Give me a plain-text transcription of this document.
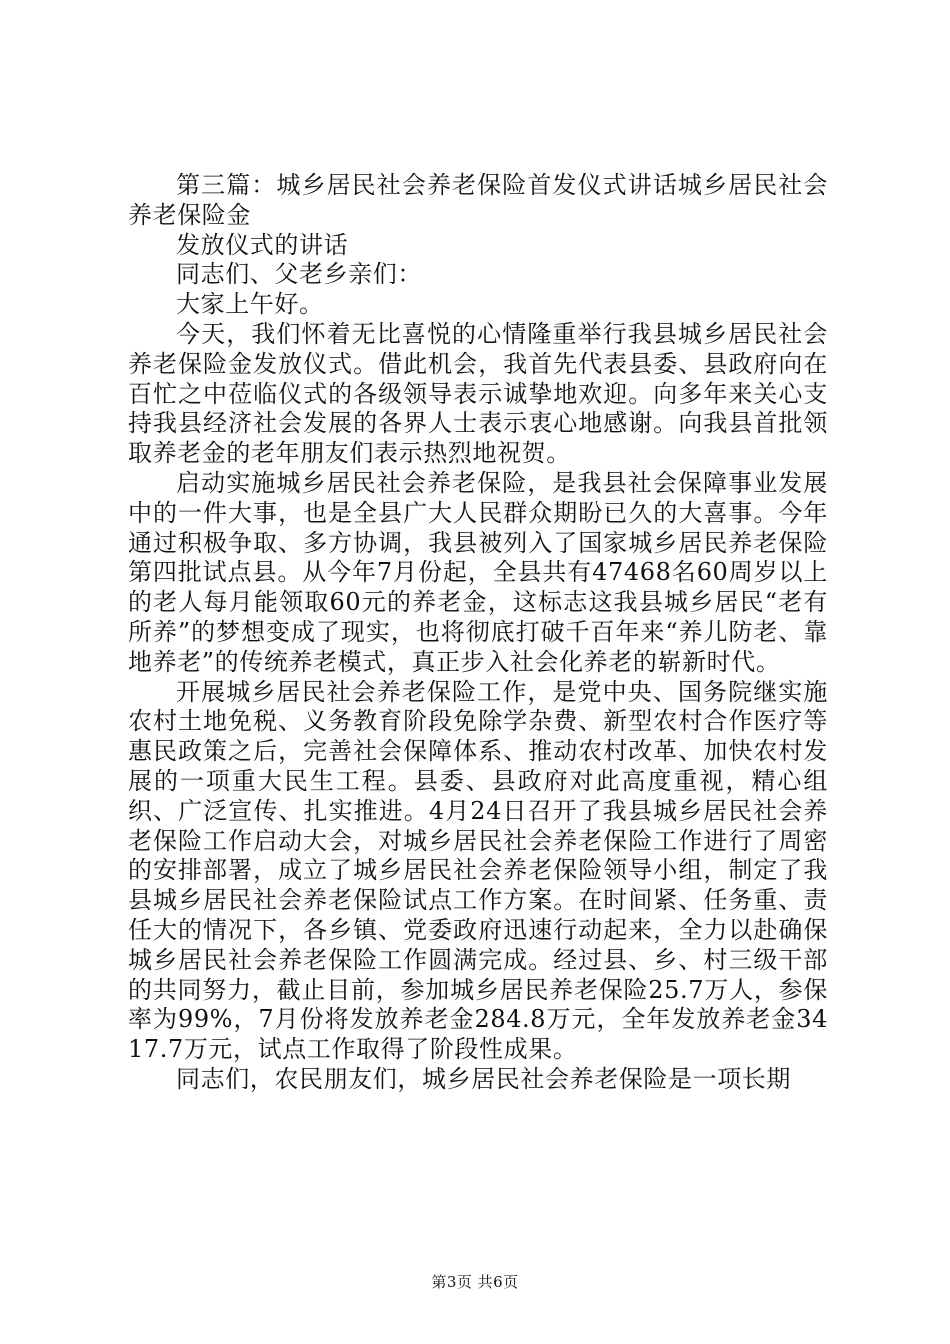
第三篇：城乡居民社会养老保险首发仪式讲话城乡居民社会养老保险金

发放仪式的讲话

同志们、父老乡亲们：

大家上午好。

今天，我们怀着无比喜悦的心情隆重举行我县城乡居民社会养老保险金发放仪式。借此机会，我首先代表县委、县政府向在百忙之中莅临仪式的各级领导表示诚挚地欢迎。向多年来关心支持我县经济社会发展的各界人士表示衷心地感谢。向我县首批领取养老金的老年朋友们表示热烈地祝贺。

启动实施城乡居民社会养老保险，是我县社会保障事业发展中的一件大事，也是全县广大人民群众期盼已久的大喜事。今年通过积极争取、多方协调，我县被列入了国家城乡居民养老保险第四批试点县。从今年7月份起，全县共有47468名60周岁以上的老人每月能领取60元的养老金，这标志这我县城乡居民“老有所养”的梦想变成了现实，也将彻底打破千百年来“养儿防老、靠地养老”的传统养老模式，真正步入社会化养老的崭新时代。

开展城乡居民社会养老保险工作，是党中央、国务院继实施农村土地免税、义务教育阶段免除学杂费、新型农村合作医疗等惠民政策之后，完善社会保障体系、推动农村改革、加快农村发展的一项重大民生工程。县委、县政府对此高度重视，精心组织、广泛宣传、扎实推进。4月24日召开了我县城乡居民社会养老保险工作启动大会，对城乡居民社会养老保险工作进行了周密的安排部署，成立了城乡居民社会养老保险领导小组，制定了我县城乡居民社会养老保险试点工作方案。在时间紧、任务重、责任大的情况下，各乡镇、党委政府迅速行动起来，全力以赴确保城乡居民社会养老保险工作圆满完成。经过县、乡、村三级干部的共同努力，截止目前，参加城乡居民养老保险25.7万人，参保率为99%，7月份将发放养老金284.8万元，全年发放养老金3417.7万元，试点工作取得了阶段性成果。

同志们，农民朋友们，城乡居民社会养老保险是一项长期

第3页 共6页
